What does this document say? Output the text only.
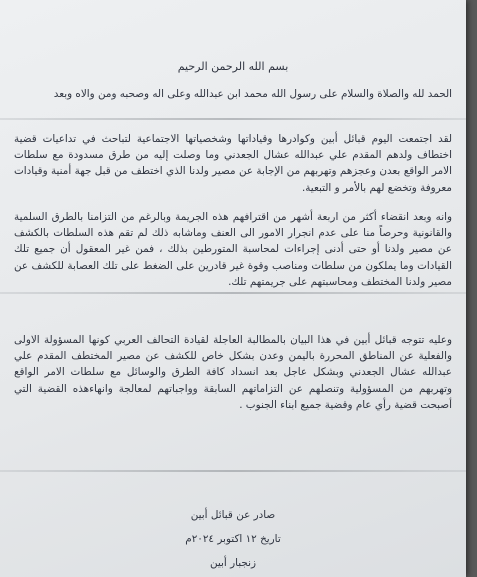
بسم الله الرحمن الرحيم
الحمد لله والصلاة والسلام على رسول الله محمد ابن عبدالله وعلى اله وصحبه ومن والاه وبعد
لقد اجتمعت اليوم قبائل أبين وكوادرها وقياداتها وشخصياتها الاجتماعية لتباحث في تداعيات قضية اختطاف ولدهم المقدم علي عبدالله عشال الجعدني وما وصلت إليه من طرق مسدودة مع سلطات الامر الواقع بعدن وعجزهم وتهربهم من الإجابة عن مصير ولدنا الذي اختطف من قبل جهة أمنية وقيادات معروفة وتخضع لهم بالأمر و التبعية.
وانه وبعد انقضاء أكثر من اربعة أشهر من اقترافهم هذه الجريمة وبالرغم من التزامنا بالطرق السلمية والقانونية وحرصاً منا على عدم انجرار الامور الى العنف وماشابه ذلك لم تقم هذه السلطات بالكشف عن مصير ولدنا أو حتى أدنى إجراءات لمحاسبة المتورطين بذلك ، فمن غير المعقول أن جميع تلك القيادات وما يملكون من سلطات ومناصب وقوة غير قادرين على الضغط على تلك العصابة للكشف عن مصير ولدنا المختطف ومحاسبتهم على جريمتهم تلك.
وعليه تتوجه قبائل أبين في هذا البيان بالمطالبة العاجلة لقيادة التحالف العربي كونها المسؤولة الاولى والفعلية عن المناطق المحررة باليمن وعدن بشكل خاص للكشف عن مصير المختطف المقدم علي عبدالله عشال الجعدني وبشكل عاجل بعد انسداد كافة الطرق والوسائل مع سلطات الامر الواقع وتهربهم من المسؤولية وتنصلهم عن التزاماتهم السابقة وواجباتهم لمعالجة وانهاءهذه القضية التي أصبحت قضية رأي عام وقضية جميع ابناء الجنوب .
صادر عن قبائل أبين
تاريخ ١٢ اكتوبر ٢٠٢٤م
زنجبار أبين
